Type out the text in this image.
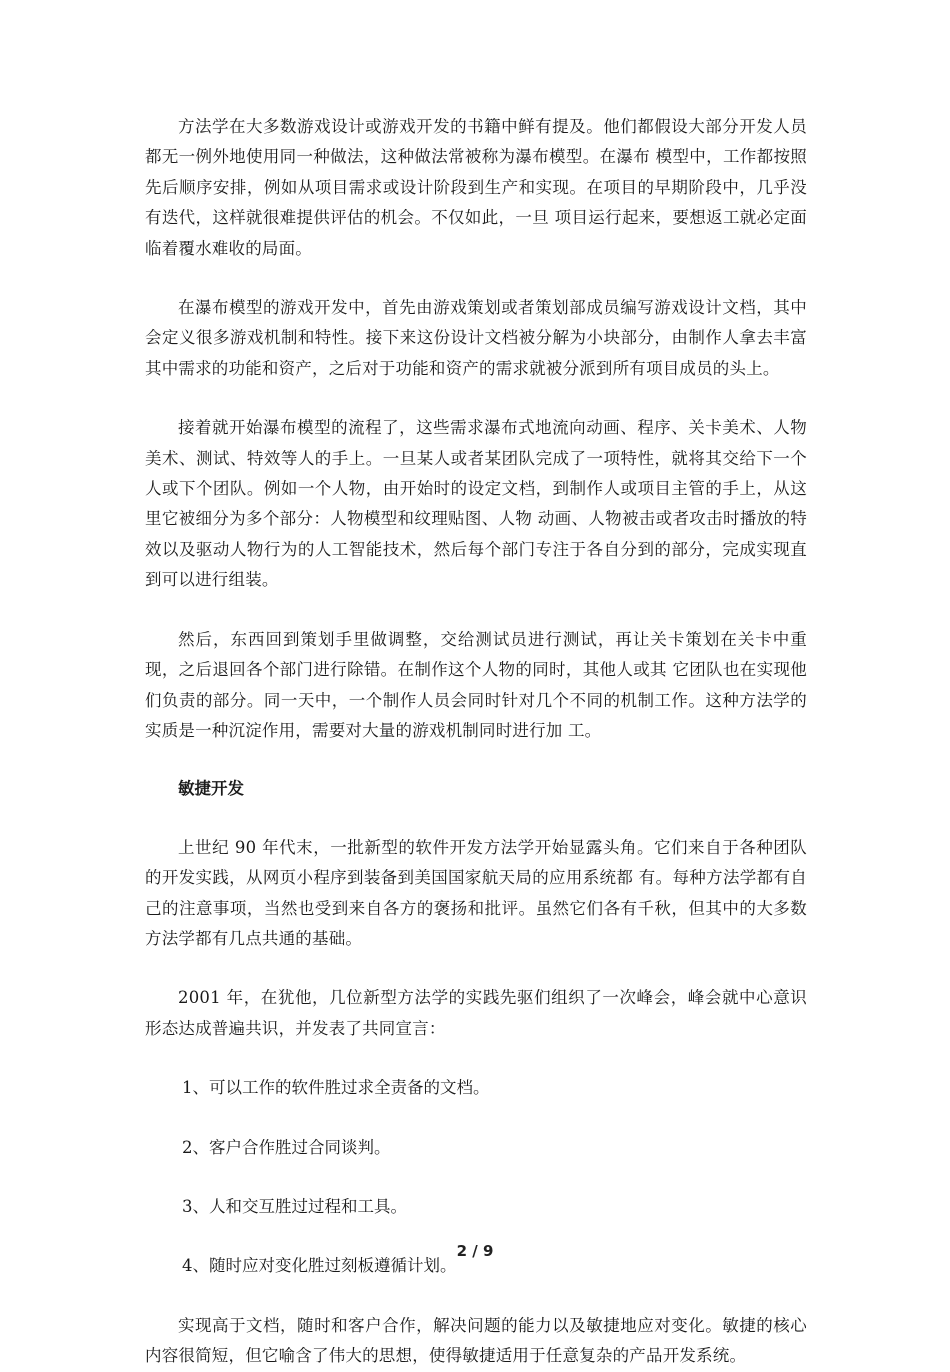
方法学在大多数游戏设计或游戏开发的书籍中鲜有提及。他们都假设大部分开发人员都无一例外地使用同一种做法，这种做法常被称为瀑布模型。在瀑布 模型中，工作都按照先后顺序安排，例如从项目需求或设计阶段到生产和实现。在项目的早期阶段中，几乎没有迭代，这样就很难提供评估的机会。不仅如此，一旦 项目运行起来，要想返工就必定面临着覆水难收的局面。

在瀑布模型的游戏开发中，首先由游戏策划或者策划部成员编写游戏设计文档，其中会定义很多游戏机制和特性。接下来这份设计文档被分解为小块部分，由制作人拿去丰富其中需求的功能和资产，之后对于功能和资产的需求就被分派到所有项目成员的头上。

接着就开始瀑布模型的流程了，这些需求瀑布式地流向动画、程序、关卡美术、人物美术、测试、特效等人的手上。一旦某人或者某团队完成了一项特性，就将其交给下一个人或下个团队。例如一个人物，由开始时的设定文档，到制作人或项目主管的手上，从这里它被细分为多个部分：人物模型和纹理贴图、人物 动画、人物被击或者攻击时播放的特效以及驱动人物行为的人工智能技术，然后每个部门专注于各自分到的部分，完成实现直到可以进行组装。

然后，东西回到策划手里做调整，交给测试员进行测试，再让关卡策划在关卡中重现，之后退回各个部门进行除错。在制作这个人物的同时，其他人或其 它团队也在实现他们负责的部分。同一天中，一个制作人员会同时针对几个不同的机制工作。这种方法学的实质是一种沉淀作用，需要对大量的游戏机制同时进行加 工。

敏捷开发

上世纪 90 年代末，一批新型的软件开发方法学开始显露头角。它们来自于各种团队的开发实践，从网页小程序到装备到美国国家航天局的应用系统都 有。每种方法学都有自己的注意事项，当然也受到来自各方的褒扬和批评。虽然它们各有千秋，但其中的大多数方法学都有几点共通的基础。

2001 年，在犹他，几位新型方法学的实践先驱们组织了一次峰会，峰会就中心意识形态达成普遍共识，并发表了共同宣言：

1、可以工作的软件胜过求全责备的文档。

2、客户合作胜过合同谈判。

3、人和交互胜过过程和工具。

4、随时应对变化胜过刻板遵循计划。

实现高于文档，随时和客户合作，解决问题的能力以及敏捷地应对变化。敏捷的核心内容很简短，但它喻含了伟大的思想，使得敏捷适用于任意复杂的产品开发系统。

2 / 9
